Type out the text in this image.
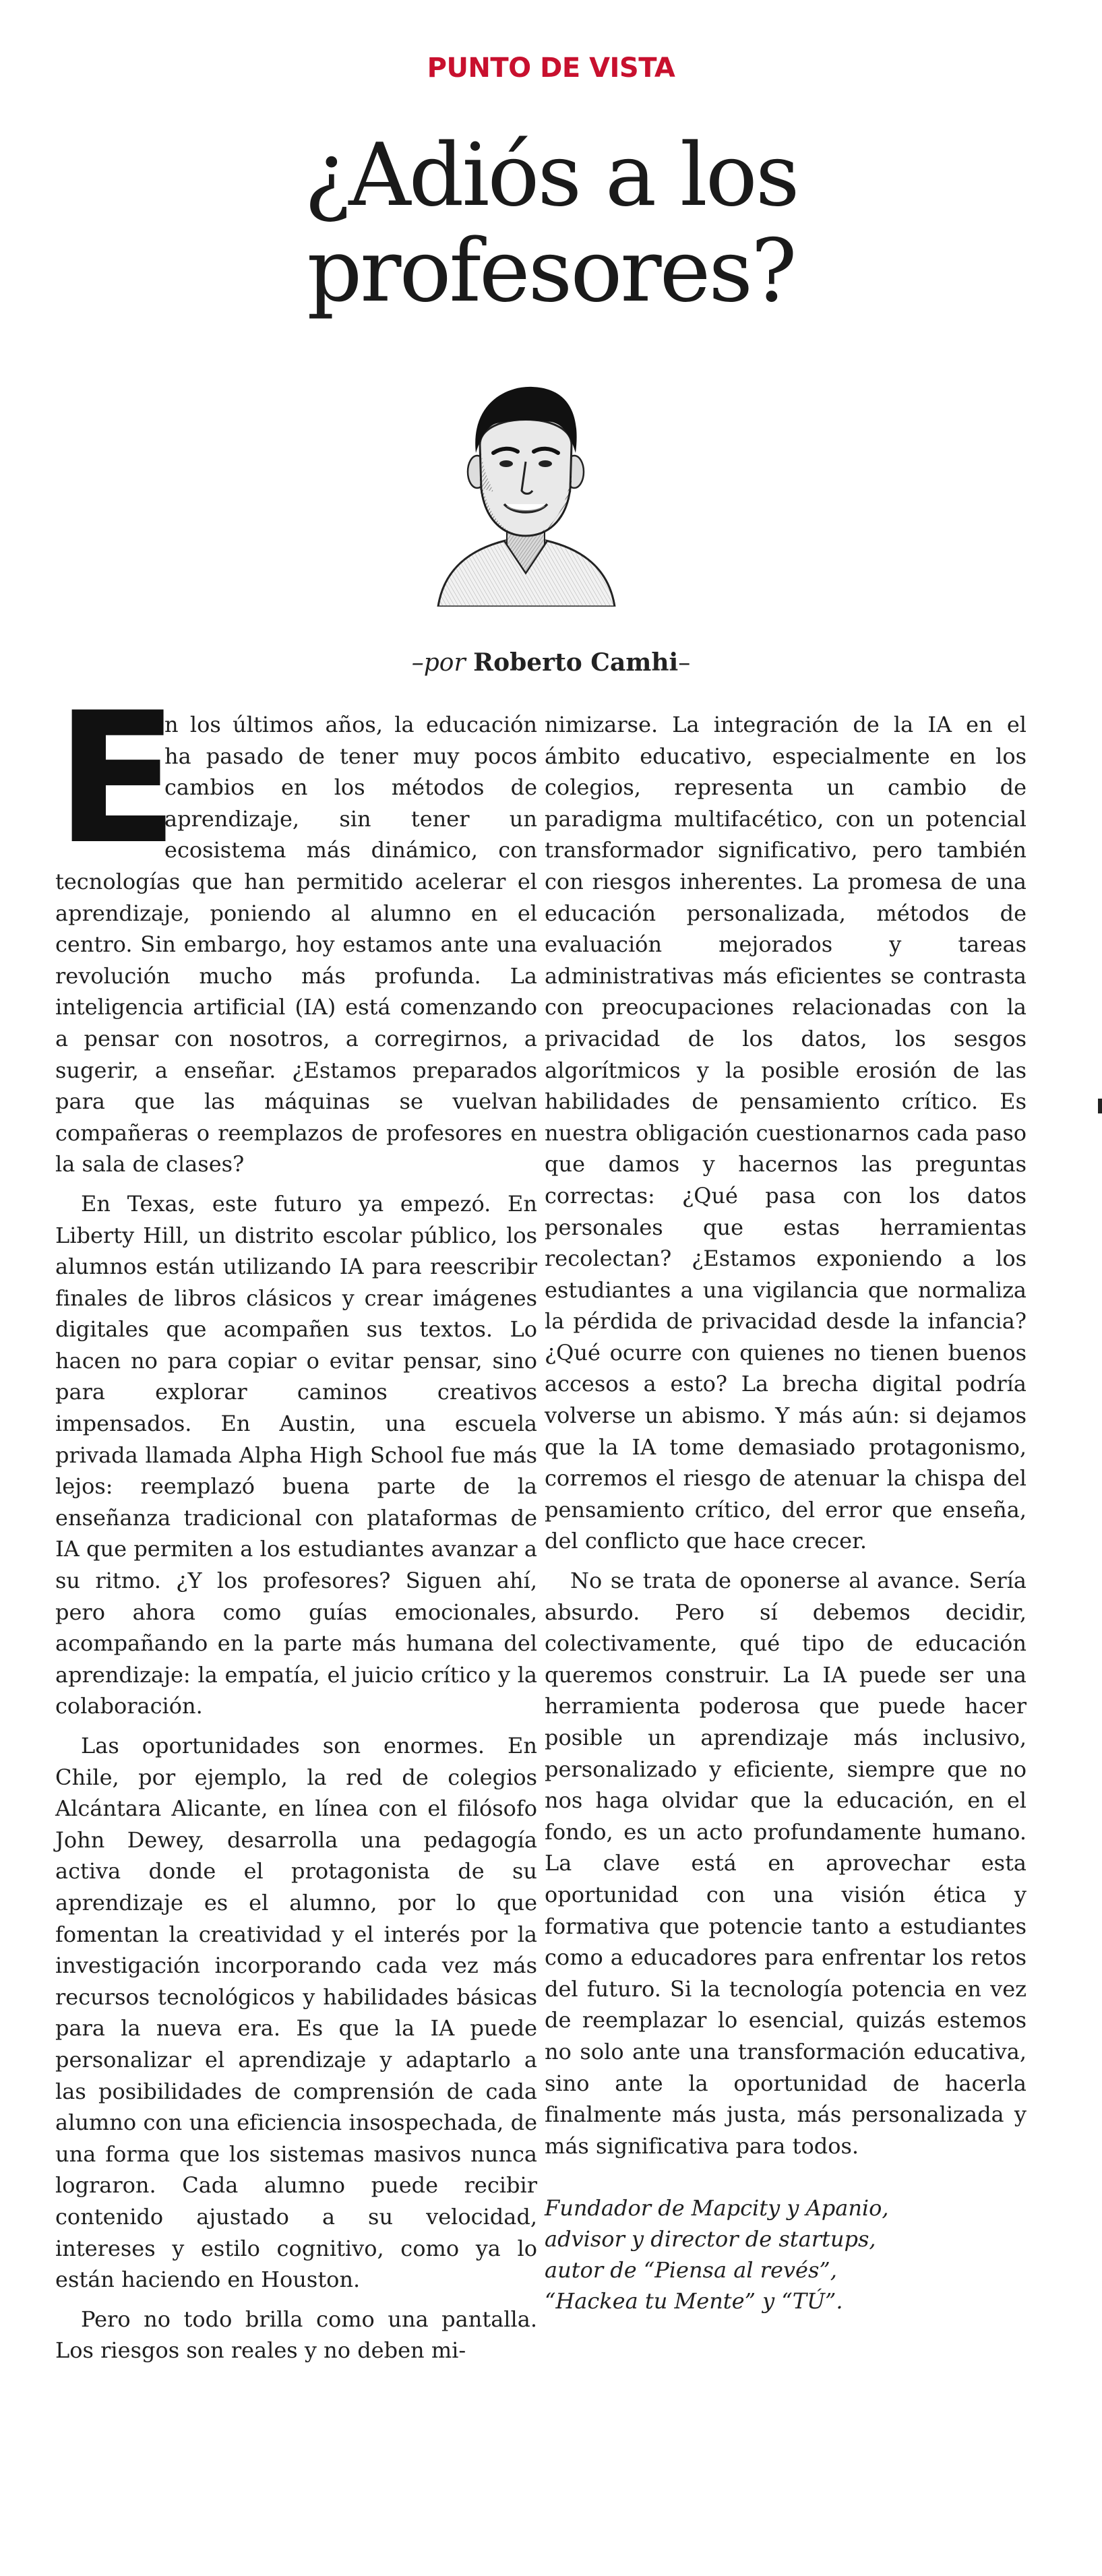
PUNTO DE VISTA
¿Adiós a los
profesores?
–por Roberto Camhi–

E
n los últimos años, la educación ha pasado de tener muy pocos cambios en los métodos de aprendizaje, sin tener un ecosistema más dinámico, con tecnologías que han permitido acelerar el aprendizaje, poniendo al alumno en el centro. Sin embargo, hoy estamos ante una revolución mucho más profunda. La inteligencia artificial (IA) está comenzando a pensar con nosotros, a corregirnos, a sugerir, a enseñar. ¿Estamos preparados para que las máquinas se vuelvan compañeras o reemplazos de profesores en la sala de clases?

En Texas, este futuro ya empezó. En Liberty Hill, un distrito escolar público, los alumnos están utilizando IA para reescribir finales de libros clásicos y crear imágenes digitales que acompañen sus textos. Lo hacen no para copiar o evitar pensar, sino para explorar caminos creativos impensados. En Austin, una escuela privada llamada Alpha High School fue más lejos: reemplazó buena parte de la enseñanza tradicional con plataformas de IA que permiten a los estudiantes avanzar a su ritmo. ¿Y los profesores? Siguen ahí, pero ahora como guías emocionales, acompañando en la parte más humana del aprendizaje: la empatía, el juicio crítico y la colaboración.

Las oportunidades son enormes. En Chile, por ejemplo, la red de colegios Alcántara Alicante, en línea con el filósofo John Dewey, desarrolla una pedagogía activa donde el protagonista de su aprendizaje es el alumno, por lo que fomentan la creatividad y el interés por la investigación incorporando cada vez más recursos tecnológicos y habilidades básicas para la nueva era. Es que la IA puede personalizar el aprendizaje y adaptarlo a las posibilidades de comprensión de cada alumno con una eficiencia insospechada, de una forma que los sistemas masivos nunca lograron. Cada alumno puede recibir contenido ajustado a su velocidad, intereses y estilo cognitivo, como ya lo están haciendo en Houston.

Pero no todo brilla como una pantalla. Los riesgos son reales y no deben mi-

nimizarse. La integración de la IA en el ámbito educativo, especialmente en los colegios, representa un cambio de paradigma multifacético, con un potencial transformador significativo, pero también con riesgos inherentes. La promesa de una educación personalizada, métodos de evaluación mejorados y tareas administrativas más eficientes se contrasta con preocupaciones relacionadas con la privacidad de los datos, los sesgos algorítmicos y la posible erosión de las habilidades de pensamiento crítico. Es nuestra obligación cuestionarnos cada paso que damos y hacernos las preguntas correctas: ¿Qué pasa con los datos personales que estas herramientas recolectan? ¿Estamos exponiendo a los estudiantes a una vigilancia que normaliza la pérdida de privacidad desde la infancia? ¿Qué ocurre con quienes no tienen buenos accesos a esto? La brecha digital podría volverse un abismo. Y más aún: si dejamos que la IA tome demasiado protagonismo, corremos el riesgo de atenuar la chispa del pensamiento crítico, del error que enseña, del conflicto que hace crecer.

No se trata de oponerse al avance. Sería absurdo. Pero sí debemos decidir, colectivamente, qué tipo de educación queremos construir. La IA puede ser una herramienta poderosa que puede hacer posible un aprendizaje más inclusivo, personalizado y eficiente, siempre que no nos haga olvidar que la educación, en el fondo, es un acto profundamente humano. La clave está en aprovechar esta oportunidad con una visión ética y formativa que potencie tanto a estudiantes como a educadores para enfrentar los retos del futuro. Si la tecnología potencia en vez de reemplazar lo esencial, quizás estemos no solo ante una transformación educativa, sino ante la oportunidad de hacerla finalmente más justa, más personalizada y más significativa para todos.

Fundador de Mapcity y Apanio,
advisor y director de startups,
autor de “Piensa al revés”,
“Hackea tu Mente” y “TÚ”.
